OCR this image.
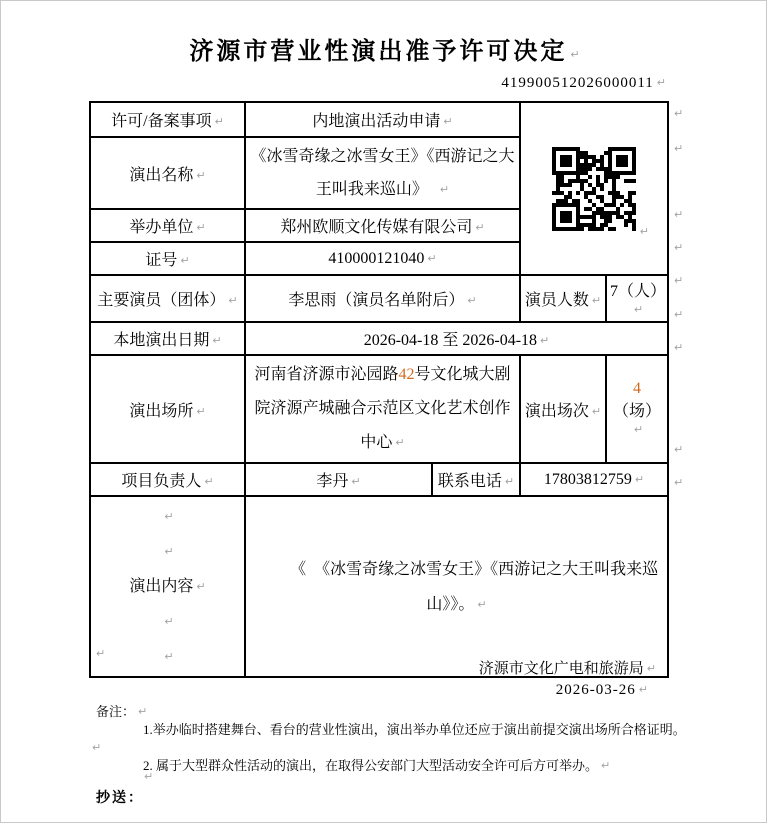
济源市营业性演出准予许可决定 ↵
419900512026000011 ↵
许可/备案事项 ↵	内地演出活动申请 ↵		↵	

演出名称 ↵	《冰雪奇缘之冰雪女王》《西游记之大王叫我来巡山》 ↵			
举办单位 ↵	郑州欧顺文化传媒有限公司 ↵			
证号 ↵	410000121040 ↵			
主要演员（团体） ↵	李思雨（演员名单附后） ↵		演员人数 ↵	7（人）↵
本地演出日期 ↵	2026-04-18 至 2026-04-18 ↵			
演出场所 ↵	河南省济源市沁园路42号文化城大剧院济源产城融合示范区文化艺术创作中心 ↵		演出场次 ↵	4（场）↵
项目负责人 ↵	李丹 ↵	联系电话 ↵	17803812759 ↵	

↵
↵
演出内容 ↵
↵
↵	《　《冰雪奇缘之冰雪女王》《西游记之大王叫我来巡山》》。 ↵			
↵
↵
↵
↵
↵
↵
↵
↵
↵
↵
济源市文化广电和旅游局 ↵
2026-03-26 ↵
备注： ↵

1.举办临时搭建舞台、看台的营业性演出，演出举办单位还应于演出前提交演出场所合格证明。↵

2. 属于大型群众性活动的演出，在取得公安部门大型活动安全许可后方可举办。 ↵

↵
抄送：
